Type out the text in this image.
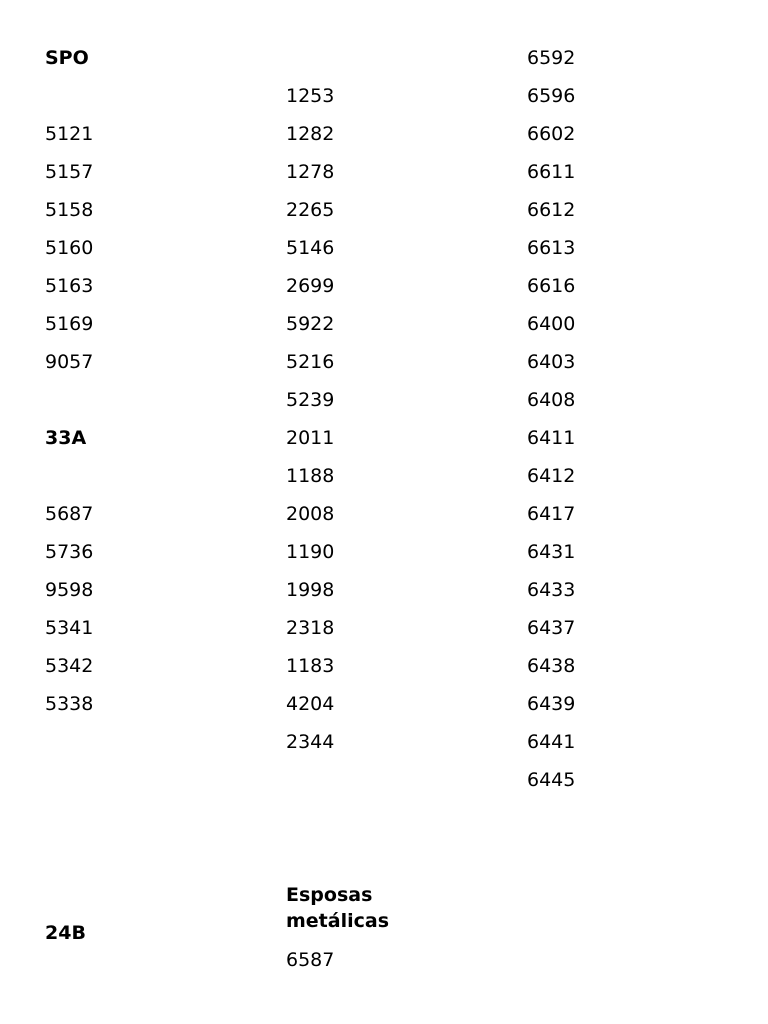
SPO
5121
5157
5158
5160
5163
5169
9057
33A
5687
5736
9598
5341
5342
5338
1253
1282
1278
2265
5146
2699
5922
5216
5239
2011
1188
2008
1190
1998
2318
1183
4204
2344
6592
6596
6602
6611
6612
6613
6616
6400
6403
6408
6411
6412
6417
6431
6433
6437
6438
6439
6441
6445
24B
Esposas
metálicas
6587
